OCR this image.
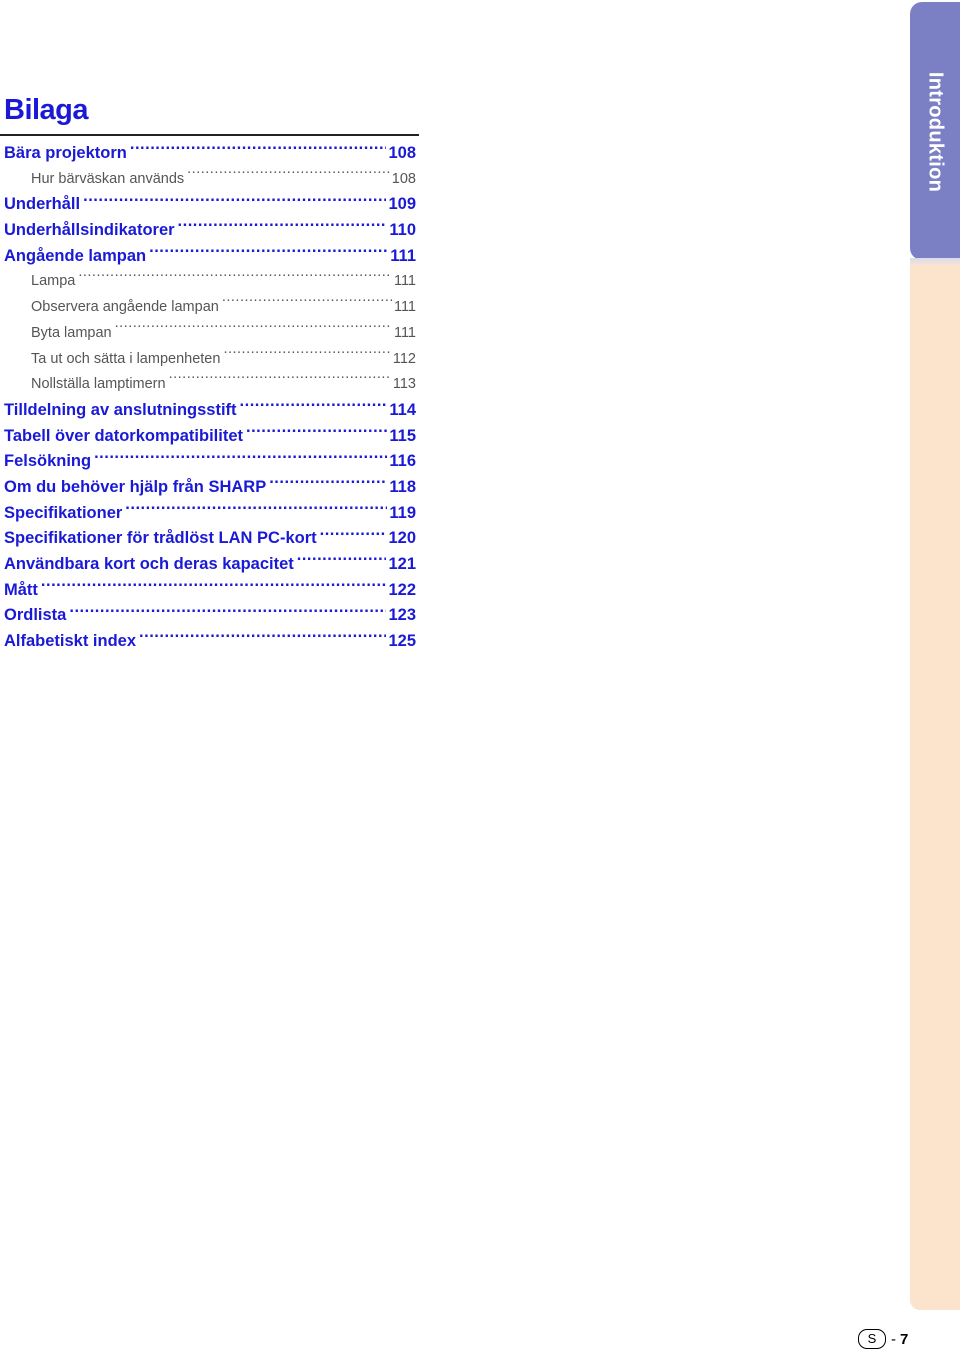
Bilaga
Bära projektorn .....	108
Hur bärväskan används .....	108
Underhåll .....	109
Underhållsindikatorer .....	110
Angående lampan .....	111
Lampa .....	111
Observera angående lampan .....	111
Byta lampan .....	111
Ta ut och sätta i lampenheten .....	112
Nollställa lamptimern .....	113
Tilldelning av anslutningsstift .....	114
Tabell över datorkompatibilitet .....	115
Felsökning .....	116
Om du behöver hjälp från SHARP .....	118
Specifikationer .....	119
Specifikationer för trådlöst LAN PC-kort .....	120
Användbara kort och deras kapacitet .....	121
Mått .....	122
Ordlista .....	123
Alfabetiskt index .....	125
Introduktion
S - 7
